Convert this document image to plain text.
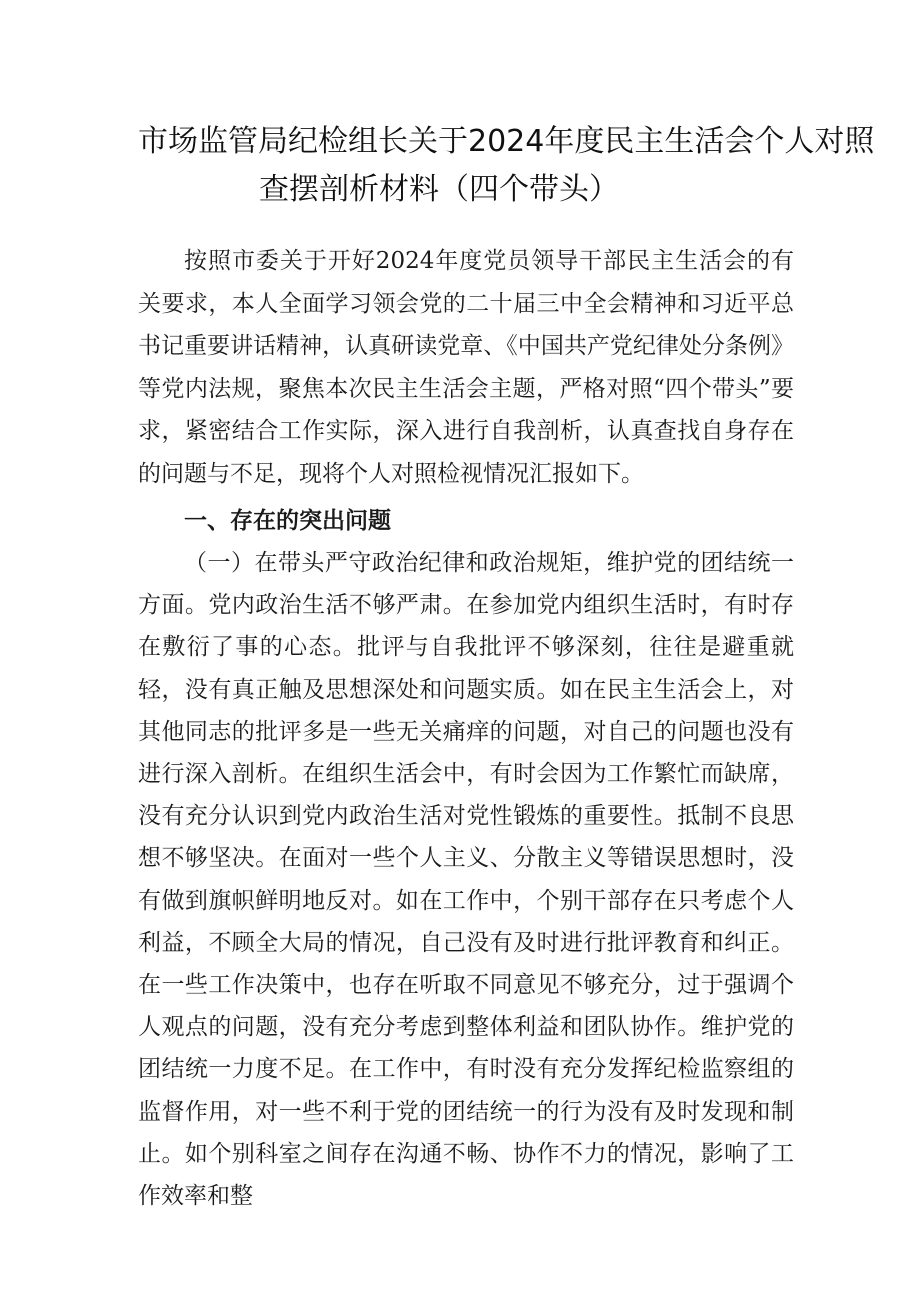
市场监管局纪检组长关于2024年度民主生活会个人对照
查摆剖析材料（四个带头）

按照市委关于开好2024年度党员领导干部民主生活会的有关要求，本人全面学习领会党的二十届三中全会精神和习近平总书记重要讲话精神，认真研读党章、《中国共产党纪律处分条例》等党内法规，聚焦本次民主生活会主题，严格对照“四个带头”要求，紧密结合工作实际，深入进行自我剖析，认真查找自身存在的问题与不足，现将个人对照检视情况汇报如下。

一、存在的突出问题

（一）在带头严守政治纪律和政治规矩，维护党的团结统一方面。党内政治生活不够严肃。在参加党内组织生活时，有时存在敷衍了事的心态。批评与自我批评不够深刻，往往是避重就轻，没有真正触及思想深处和问题实质。如在民主生活会上，对其他同志的批评多是一些无关痛痒的问题，对自己的问题也没有进行深入剖析。在组织生活会中，有时会因为工作繁忙而缺席，没有充分认识到党内政治生活对党性锻炼的重要性。抵制不良思想不够坚决。在面对一些个人主义、分散主义等错误思想时，没有做到旗帜鲜明地反对。如在工作中，个别干部存在只考虑个人利益，不顾全大局的情况，自己没有及时进行批评教育和纠正。在一些工作决策中，也存在听取不同意见不够充分，过于强调个人观点的问题，没有充分考虑到整体利益和团队协作。维护党的团结统一力度不足。在工作中，有时没有充分发挥纪检监察组的监督作用，对一些不利于党的团结统一的行为没有及时发现和制止。如个别科室之间存在沟通不畅、协作不力的情况，影响了工作效率和整
